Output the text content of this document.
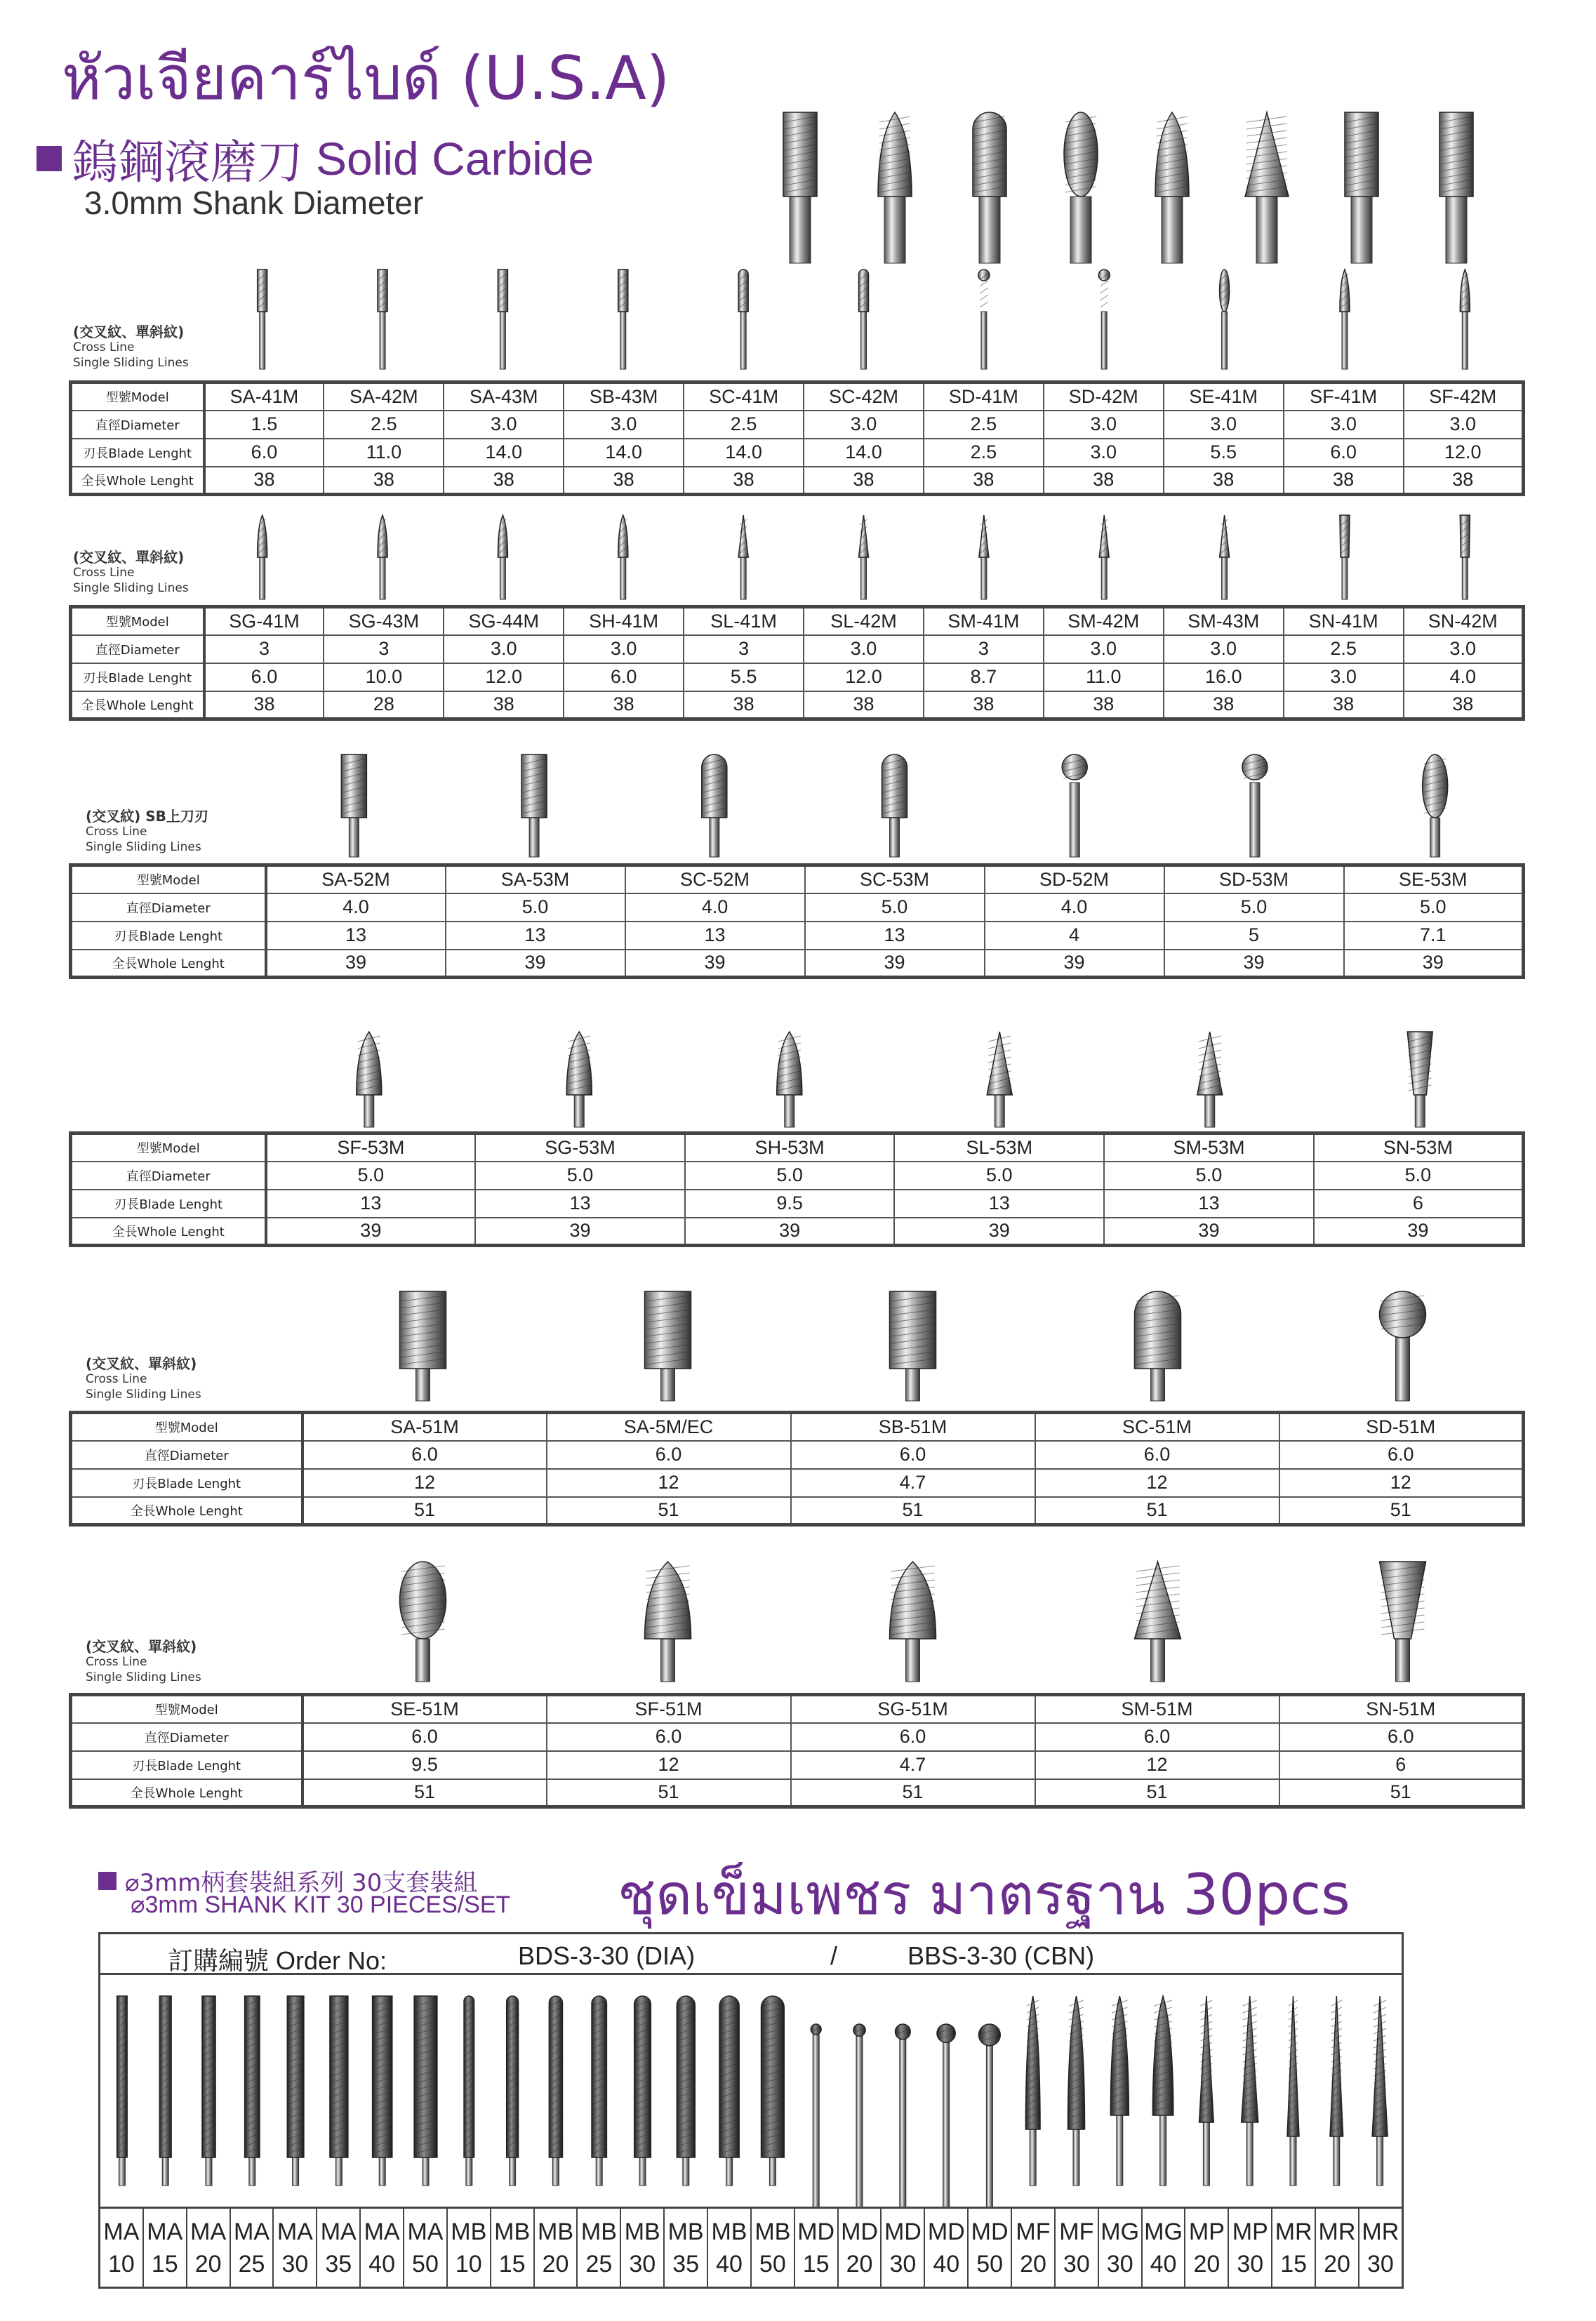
หัวเจียคาร์ไบด์ (U.S.A)
鎢鋼滾磨刀 Solid Carbide
3.0mm Shank Diameter
(交叉紋、單斜紋)
Cross Line
Single Sliding Lines
型號Model	SA-41M	SA-42M	SA-43M	SB-43M	SC-41M	SC-42M	SD-41M	SD-42M	SE-41M	SF-41M	SF-42M
直徑Diameter	1.5	2.5	3.0	3.0	2.5	3.0	2.5	3.0	3.0	3.0	3.0
刃長Blade Lenght	6.0	11.0	14.0	14.0	14.0	14.0	2.5	3.0	5.5	6.0	12.0
全長Whole Lenght	38	38	38	38	38	38	38	38	38	38	38
(交叉紋、單斜紋)
Cross Line
Single Sliding Lines
型號Model	SG-41M	SG-43M	SG-44M	SH-41M	SL-41M	SL-42M	SM-41M	SM-42M	SM-43M	SN-41M	SN-42M
直徑Diameter	3	3	3.0	3.0	3	3.0	3	3.0	3.0	2.5	3.0
刃長Blade Lenght	6.0	10.0	12.0	6.0	5.5	12.0	8.7	11.0	16.0	3.0	4.0
全長Whole Lenght	38	28	38	38	38	38	38	38	38	38	38
(交叉紋) SB上刀刃
Cross Line
Single Sliding Lines
型號Model	SA-52M	SA-53M	SC-52M	SC-53M	SD-52M	SD-53M	SE-53M
直徑Diameter	4.0	5.0	4.0	5.0	4.0	5.0	5.0
刃長Blade Lenght	13	13	13	13	4	5	7.1
全長Whole Lenght	39	39	39	39	39	39	39
型號Model	SF-53M	SG-53M	SH-53M	SL-53M	SM-53M	SN-53M
直徑Diameter	5.0	5.0	5.0	5.0	5.0	5.0
刃長Blade Lenght	13	13	9.5	13	13	6
全長Whole Lenght	39	39	39	39	39	39
(交叉紋、單斜紋)
Cross Line
Single Sliding Lines
型號Model	SA-51M	SA-5M/EC	SB-51M	SC-51M	SD-51M
直徑Diameter	6.0	6.0	6.0	6.0	6.0
刃長Blade Lenght	12	12	4.7	12	12
全長Whole Lenght	51	51	51	51	51
(交叉紋、單斜紋)
Cross Line
Single Sliding Lines
型號Model	SE-51M	SF-51M	SG-51M	SM-51M	SN-51M
直徑Diameter	6.0	6.0	6.0	6.0	6.0
刃長Blade Lenght	9.5	12	4.7	12	6
全長Whole Lenght	51	51	51	51	51
⌀3mm柄套裝組系列 30支套裝組
⌀3mm SHANK KIT 30 PIECES/SET ชุดเข็มเพชร มาตรฐาน 30pcs
訂購編號 Order No:	BDS-3-30 (DIA)	/	BBS-3-30 (CBN)
MA
10
MA
15
MA
20
MA
25
MA
30
MA
35
MA
40
MA
50
MB
10
MB
15
MB
20
MB
25
MB
30
MB
35
MB
40
MB
50
MD
15
MD
20
MD
30
MD
40
MD
50
MF
20
MF
30
MG
30
MG
40
MP
20
MP
30
MR
15
MR
20
MR
30
